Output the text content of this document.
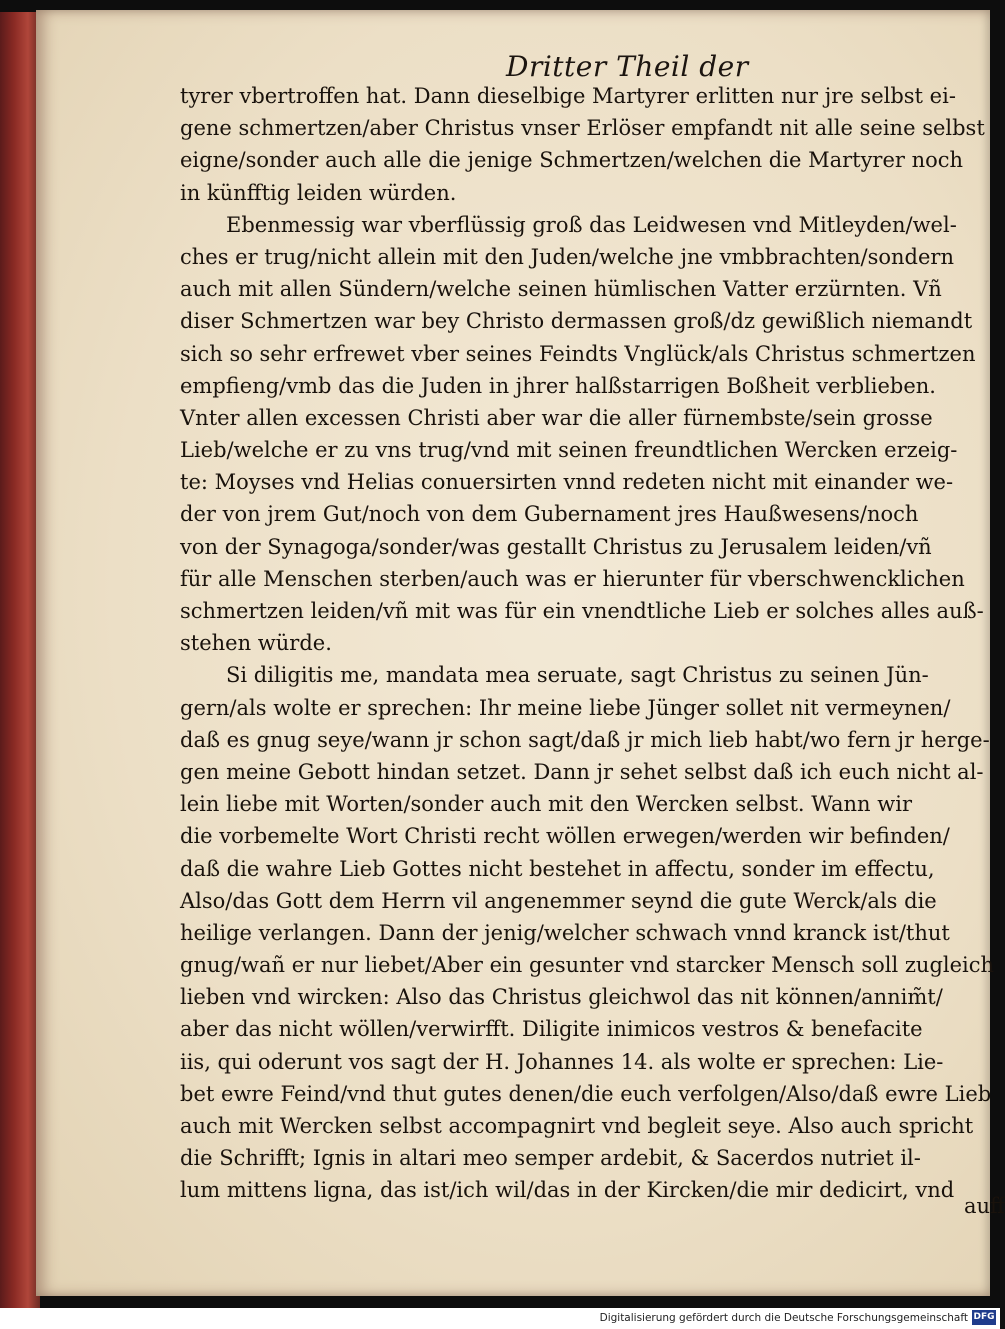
Dritter Theil der
auff
tyrer vbertroffen hat. Dann dieselbige Martyrer erlitten nur jre selbst ei-
gene schmertzen/aber Christus vnser Erlöser empfandt nit alle seine selbst
eigne/sonder auch alle die jenige Schmertzen/welchen die Martyrer noch
in künfftig leiden würden.
Ebenmessig war vberflüssig groß das Leidwesen vnd Mitleyden/wel-
ches er trug/nicht allein mit den Juden/welche jne vmbbrachten/sondern
auch mit allen Sündern/welche seinen hümlischen Vatter erzürnten. Vñ
diser Schmertzen war bey Christo dermassen groß/dz gewißlich niemandt
sich so sehr erfrewet vber seines Feindts Vnglück/als Christus schmertzen
empfieng/vmb das die Juden in jhrer halßstarrigen Boßheit verblieben.
Vnter allen excessen Christi aber war die aller fürnembste/sein grosse
Lieb/welche er zu vns trug/vnd mit seinen freundtlichen Wercken erzeig-
te: Moyses vnd Helias conuersirten vnnd redeten nicht mit einander we-
der von jrem Gut/noch von dem Gubernament jres Haußwesens/noch
von der Synagoga/sonder/was gestallt Christus zu Jerusalem leiden/vñ
für alle Menschen sterben/auch was er hierunter für vberschwencklichen
schmertzen leiden/vñ mit was für ein vnendtliche Lieb er solches alles auß-
stehen würde.
Si diligitis me, mandata mea seruate, sagt Christus zu seinen Jün-
gern/als wolte er sprechen: Ihr meine liebe Jünger sollet nit vermeynen/
daß es gnug seye/wann jr schon sagt/daß jr mich lieb habt/wo fern jr herge-
gen meine Gebott hindan setzet. Dann jr sehet selbst daß ich euch nicht al-
lein liebe mit Worten/sonder auch mit den Wercken selbst. Wann wir
die vorbemelte Wort Christi recht wöllen erwegen/werden wir befinden/
daß die wahre Lieb Gottes nicht bestehet in affectu, sonder im effectu,
Also/das Gott dem Herrn vil angenemmer seynd die gute Werck/als die
heilige verlangen. Dann der jenig/welcher schwach vnnd kranck ist/thut
gnug/wañ er nur liebet/Aber ein gesunter vnd starcker Mensch soll zugleich
lieben vnd wircken: Also das Christus gleichwol das nit können/annim̃t/
aber das nicht wöllen/verwirfft. Diligite inimicos vestros & benefacite
iis, qui oderunt vos sagt der H. Johannes 14. als wolte er sprechen: Lie-
bet ewre Feind/vnd thut gutes denen/die euch verfolgen/Also/daß ewre Lieb
auch mit Wercken selbst accompagnirt vnd begleit seye. Also auch spricht
die Schrifft; Ignis in altari meo semper ardebit, & Sacerdos nutriet il-
lum mittens ligna, das ist/ich wil/das in der Kircken/die mir dedicirt, vnd
Digitalisierung gefördert durch die Deutsche Forschungsgemeinschaft DFG
